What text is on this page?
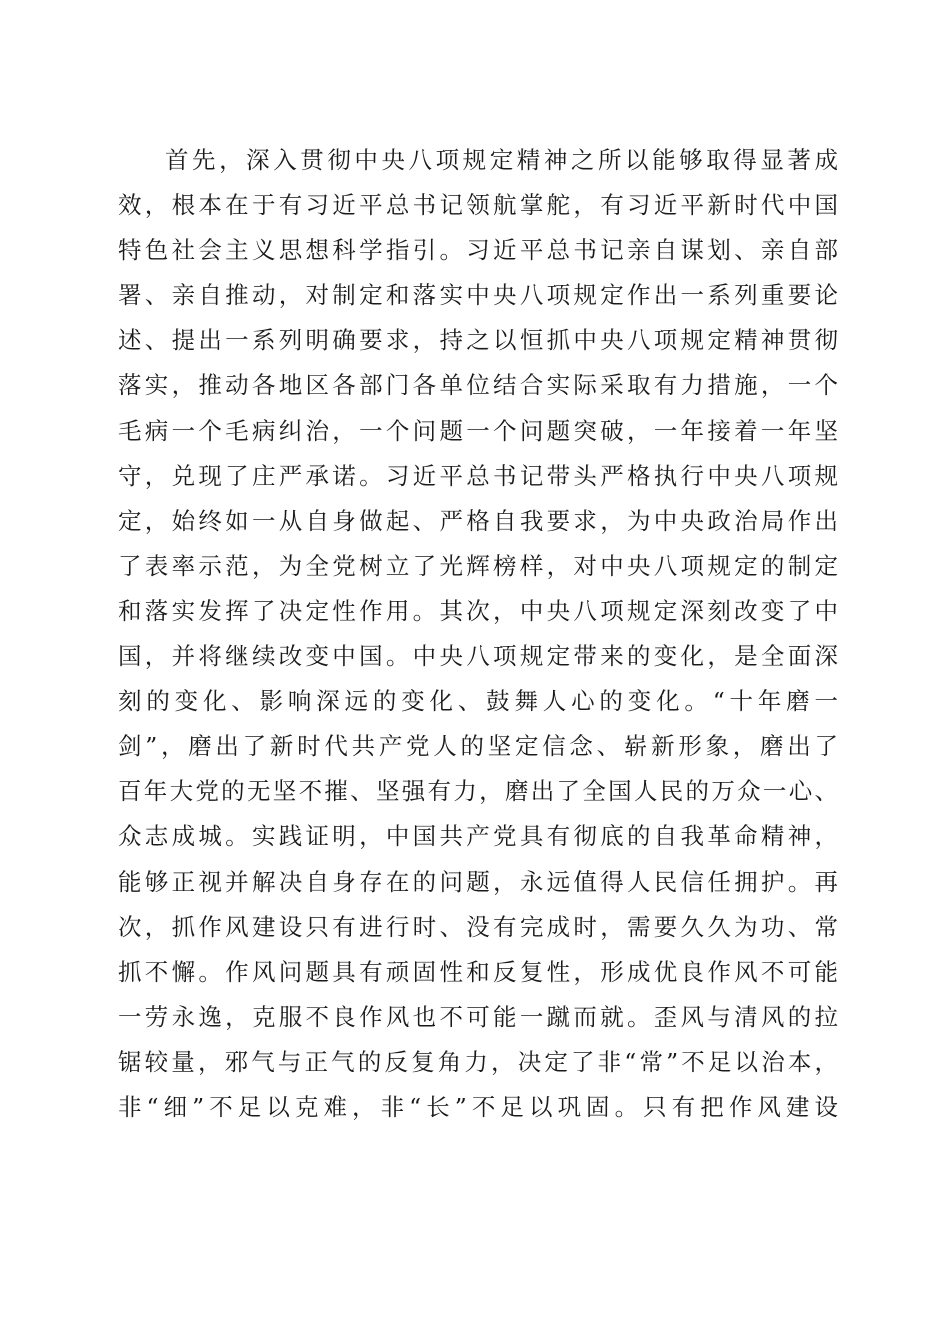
首先，深入贯彻中央八项规定精神之所以能够取得显著成
效，根本在于有习近平总书记领航掌舵，有习近平新时代中国
特色社会主义思想科学指引。习近平总书记亲自谋划、亲自部
署、亲自推动，对制定和落实中央八项规定作出一系列重要论
述、提出一系列明确要求，持之以恒抓中央八项规定精神贯彻
落实，推动各地区各部门各单位结合实际采取有力措施，一个
毛病一个毛病纠治，一个问题一个问题突破，一年接着一年坚
守，兑现了庄严承诺。习近平总书记带头严格执行中央八项规
定，始终如一从自身做起、严格自我要求，为中央政治局作出
了表率示范，为全党树立了光辉榜样，对中央八项规定的制定
和落实发挥了决定性作用。其次，中央八项规定深刻改变了中
国，并将继续改变中国。中央八项规定带来的变化，是全面深
刻的变化、影响深远的变化、鼓舞人心的变化。“十年磨一
剑”，磨出了新时代共产党人的坚定信念、崭新形象，磨出了
百年大党的无坚不摧、坚强有力，磨出了全国人民的万众一心、
众志成城。实践证明，中国共产党具有彻底的自我革命精神，
能够正视并解决自身存在的问题，永远值得人民信任拥护。再
次，抓作风建设只有进行时、没有完成时，需要久久为功、常
抓不懈。作风问题具有顽固性和反复性，形成优良作风不可能
一劳永逸，克服不良作风也不可能一蹴而就。歪风与清风的拉
锯较量，邪气与正气的反复角力，决定了非“常”不足以治本，
非“细”不足以克难，非“长”不足以巩固。只有把作风建设
